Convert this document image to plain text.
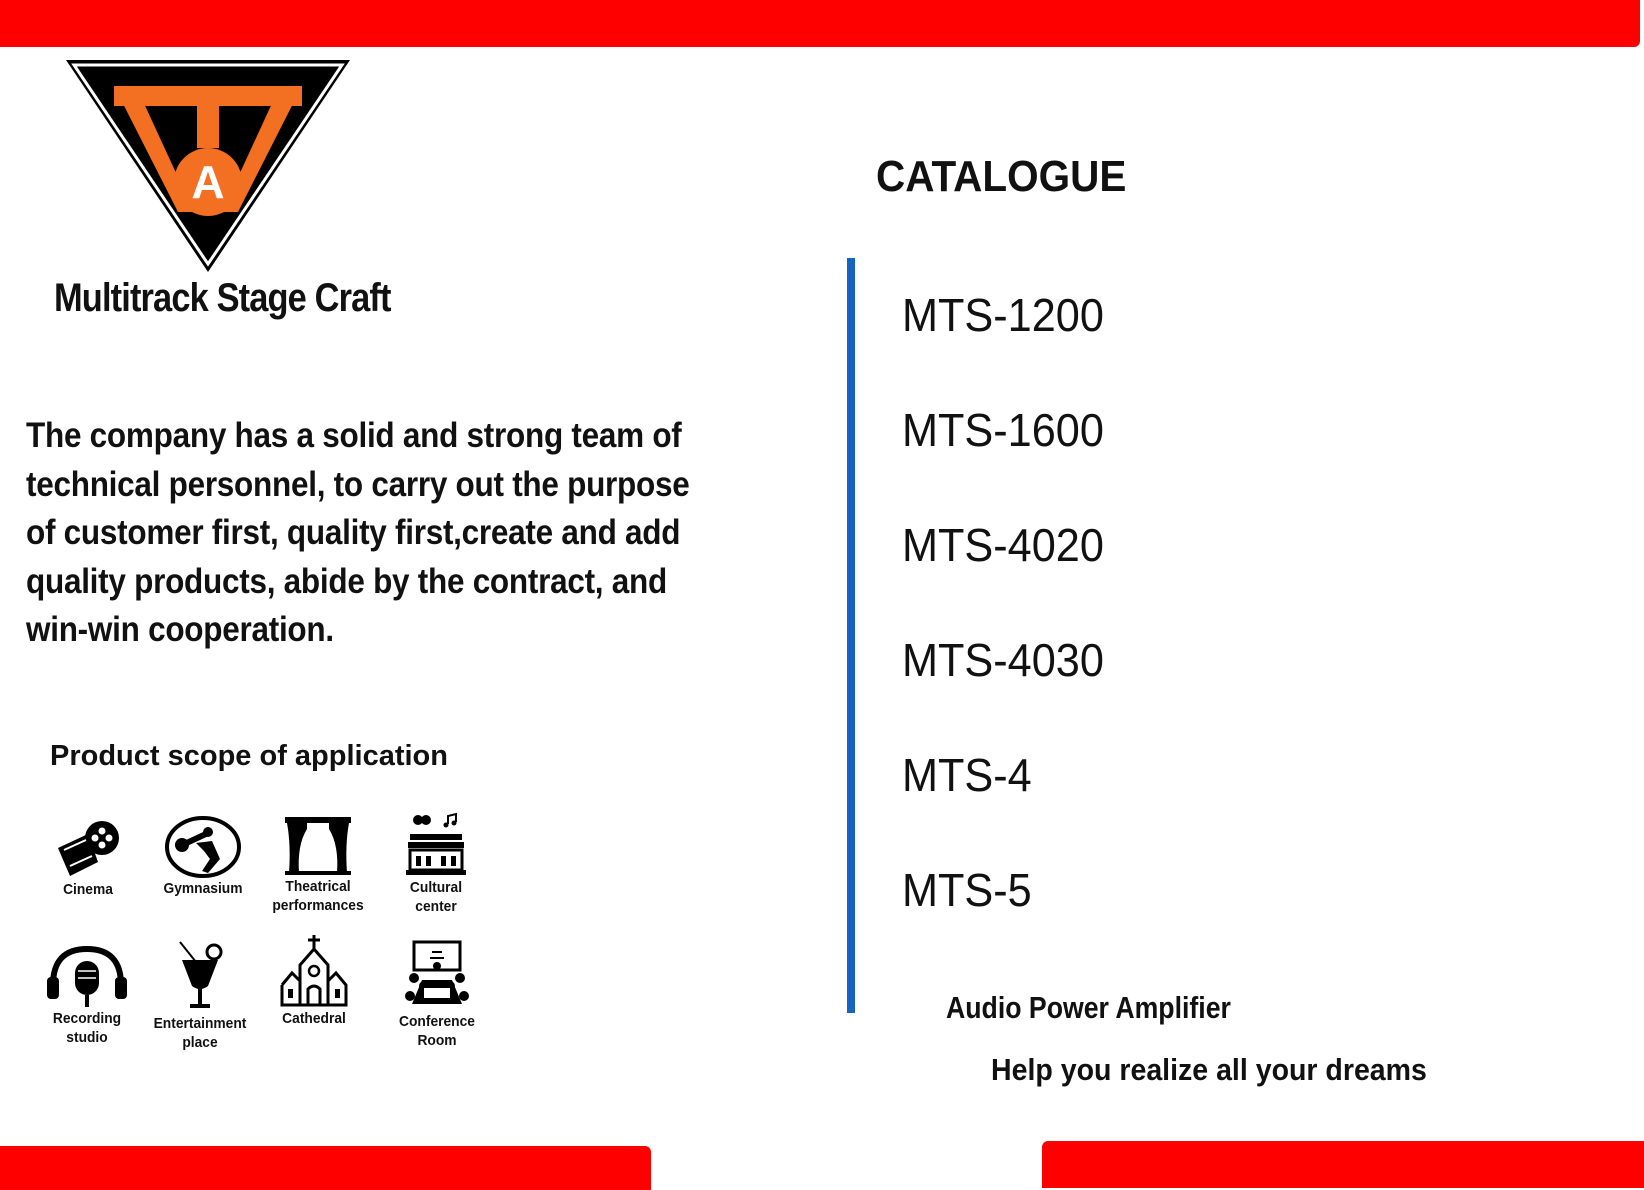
A
Multitrack Stage Craft
The company has a solid and strong team of technical personnel, to carry out the purpose of customer first, quality first,create and add quality products, abide by the contract, and win-win cooperation.
Product scope of application
Cinema	Gymnasium	Theatrical
performances
Cultural
center
Recording
studio
Entertainment
place
Cathedral	Conference
Room
CATALOGUE
MTS-1200
MTS-1600
MTS-4020
MTS-4030
MTS-4
MTS-5
Audio Power Amplifier
Help you realize all your dreams
